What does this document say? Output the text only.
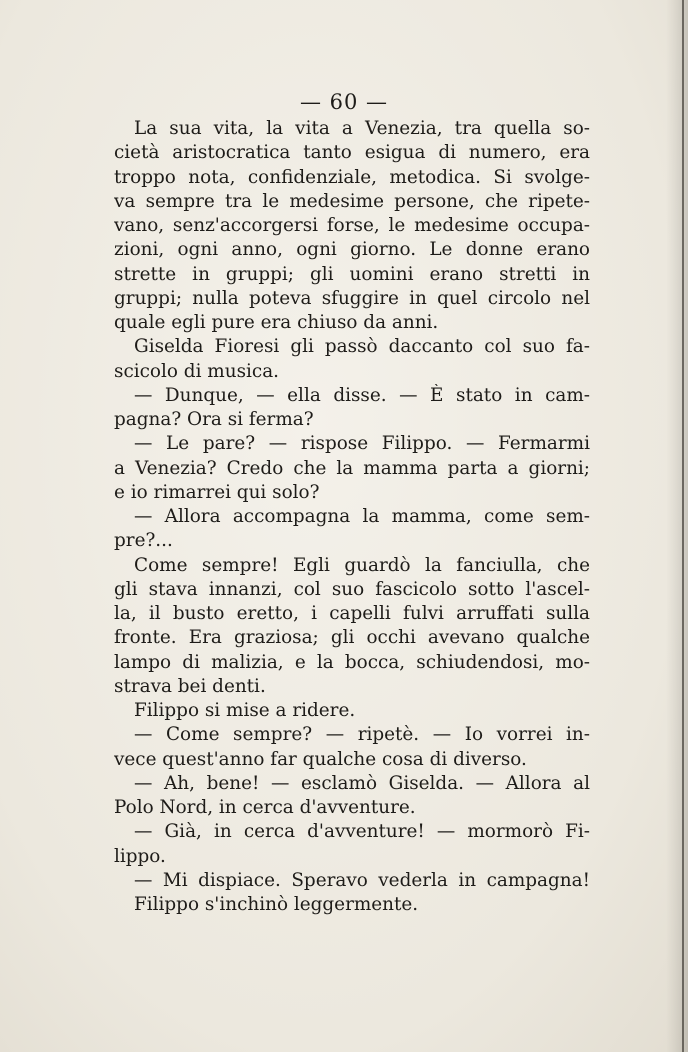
— 60 —
La sua vita, la vita a Venezia, tra quella so-
cietà aristocratica tanto esigua di numero, era
troppo nota, confidenziale, metodica. Si svolge-
va sempre tra le medesime persone, che ripete-
vano, senz'accorgersi forse, le medesime occupa-
zioni, ogni anno, ogni giorno. Le donne erano
strette in gruppi; gli uomini erano stretti in
gruppi; nulla poteva sfuggire in quel circolo nel
quale egli pure era chiuso da anni.
Giselda Fioresi gli passò daccanto col suo fa-
scicolo di musica.
— Dunque, — ella disse. — È stato in cam-
pagna? Ora si ferma?
— Le pare? — rispose Filippo. — Fermarmi
a Venezia? Credo che la mamma parta a giorni;
e io rimarrei qui solo?
— Allora accompagna la mamma, come sem-
pre?...
Come sempre! Egli guardò la fanciulla, che
gli stava innanzi, col suo fascicolo sotto l'ascel-
la, il busto eretto, i capelli fulvi arruffati sulla
fronte. Era graziosa; gli occhi avevano qualche
lampo di malizia, e la bocca, schiudendosi, mo-
strava bei denti.
Filippo si mise a ridere.
— Come sempre? — ripetè. — Io vorrei in-
vece quest'anno far qualche cosa di diverso.
— Ah, bene! — esclamò Giselda. — Allora al
Polo Nord, in cerca d'avventure.
— Già, in cerca d'avventure! — mormorò Fi-
lippo.
— Mi dispiace. Speravo vederla in campagna!
Filippo s'inchinò leggermente.
